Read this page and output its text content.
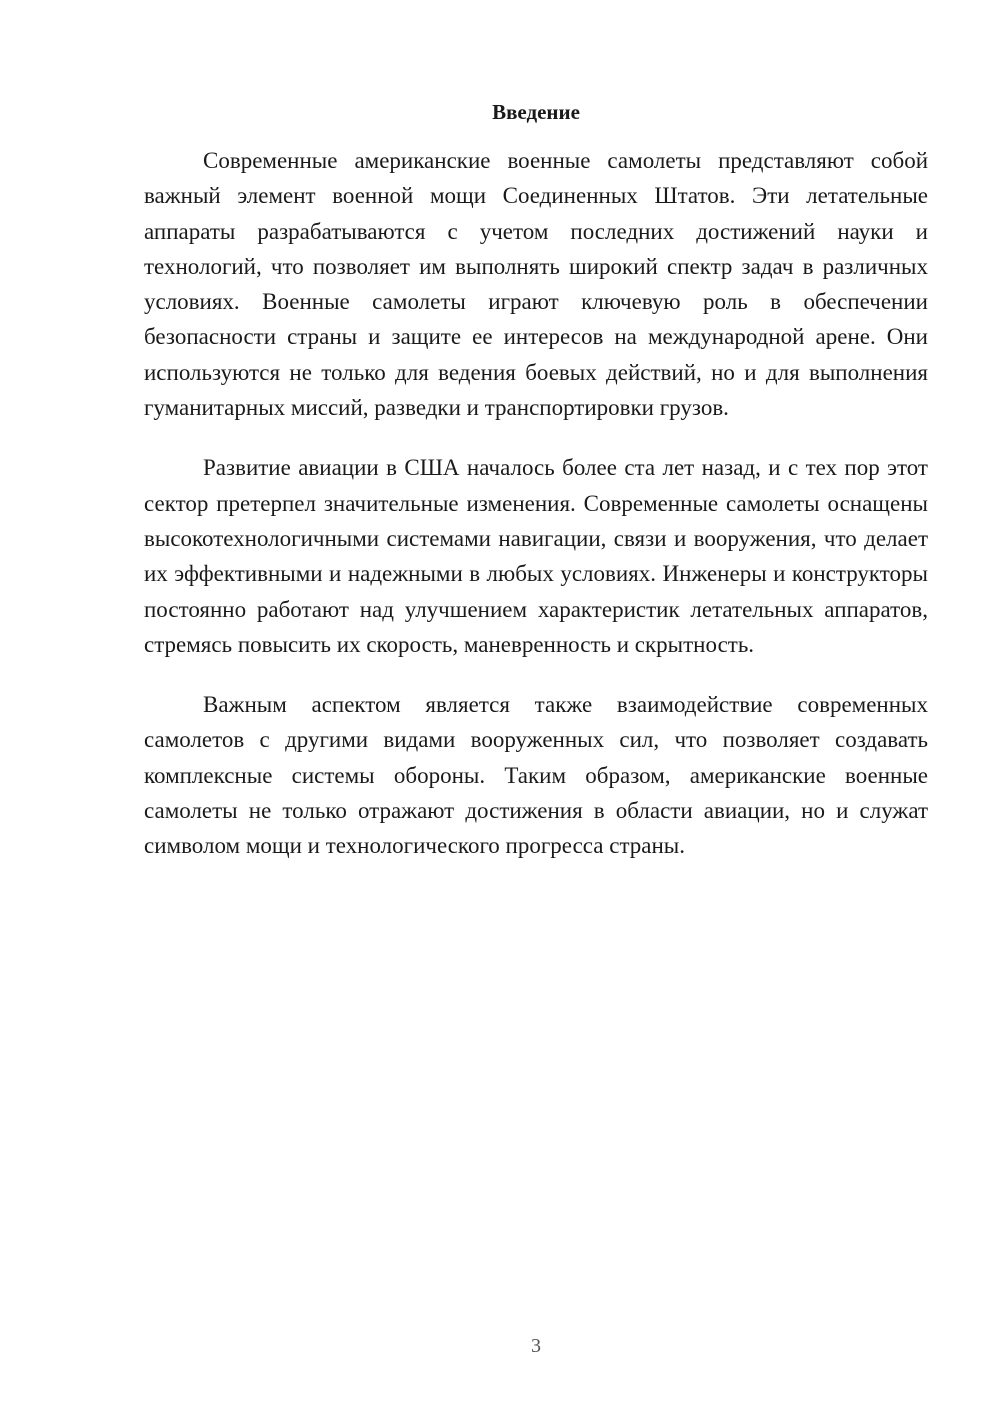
Введение

Современные американские военные самолеты представляют собой важный элемент военной мощи Соединенных Штатов. Эти летательные аппараты разрабатываются с учетом последних достижений науки и технологий, что позволяет им выполнять широкий спектр задач в различных условиях. Военные самолеты играют ключевую роль в обеспечении безопасности страны и защите ее интересов на международной арене. Они используются не только для ведения боевых действий, но и для выполнения гуманитарных миссий, разведки и транспортировки грузов.

Развитие авиации в США началось более ста лет назад, и с тех пор этот сектор претерпел значительные изменения. Современные самолеты оснащены высокотехнологичными системами навигации, связи и вооружения, что делает их эффективными и надежными в любых условиях. Инженеры и конструкторы постоянно работают над улучшением характеристик летательных аппаратов, стремясь повысить их скорость, маневренность и скрытность.

Важным аспектом является также взаимодействие современных самолетов с другими видами вооруженных сил, что позволяет создавать комплексные системы обороны. Таким образом, американские военные самолеты не только отражают достижения в области авиации, но и служат символом мощи и технологического прогресса страны.

3
